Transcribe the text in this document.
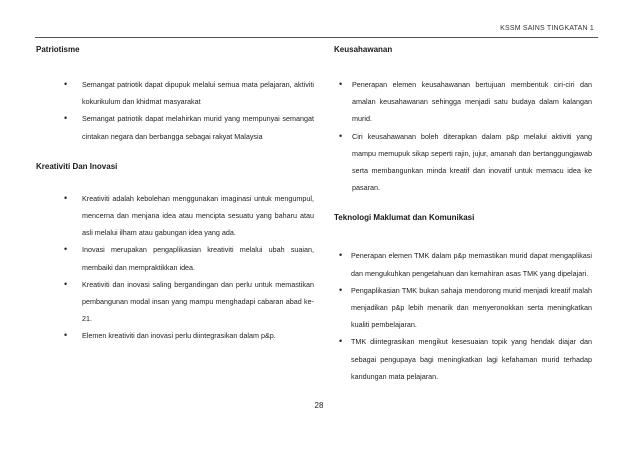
KSSM SAINS TINGKATAN 1
Patriotisme
• Semangat patriotik dapat dipupuk melalui semua mata pelajaran, aktiviti kokurikulum dan khidmat masyarakat
• Semangat patriotik dapat melahirkan murid yang mempunyai semangat cintakan negara dan berbangga sebagai rakyat Malaysia
Kreativiti Dan Inovasi
• Kreativiti adalah kebolehan menggunakan imaginasi untuk mengumpul, mencerna dan menjana idea atau mencipta sesuatu yang baharu atau asli melalui ilham atau gabungan idea yang ada.
• Inovasi merupakan pengaplikasian kreativiti melalui ubah suaian, membaiki dan mempraktikkan idea.
• Kreativiti dan inovasi saling bergandingan dan perlu untuk memastikan pembangunan modal insan yang mampu menghadapi cabaran abad ke-21.
• Elemen kreativiti dan inovasi perlu diintegrasikan dalam p&p.
Keusahawanan
• Penerapan elemen keusahawanan bertujuan membentuk ciri-ciri dan amalan keusahawanan sehingga menjadi satu budaya dalam kalangan murid.
• Ciri keusahawanan boleh diterapkan dalam p&p melalui aktiviti yang mampu memupuk sikap seperti rajin, jujur, amanah dan bertanggungjawab serta membangunkan minda kreatif dan inovatif untuk memacu idea ke pasaran.
Teknologi Maklumat dan Komunikasi
• Penerapan elemen TMK dalam p&p memastikan murid dapat mengaplikasi dan mengukuhkan pengetahuan dan kemahiran asas TMK yang dipelajari.
• Pengaplikasian TMK bukan sahaja mendorong murid menjadi kreatif malah menjadikan p&p lebih menarik dan menyeronokkan serta meningkatkan kualiti pembelajaran.
• TMK diintegrasikan mengikut kesesuaian topik yang hendak diajar dan sebagai pengupaya bagi meningkatkan lagi kefahaman murid terhadap kandungan mata pelajaran.
28
